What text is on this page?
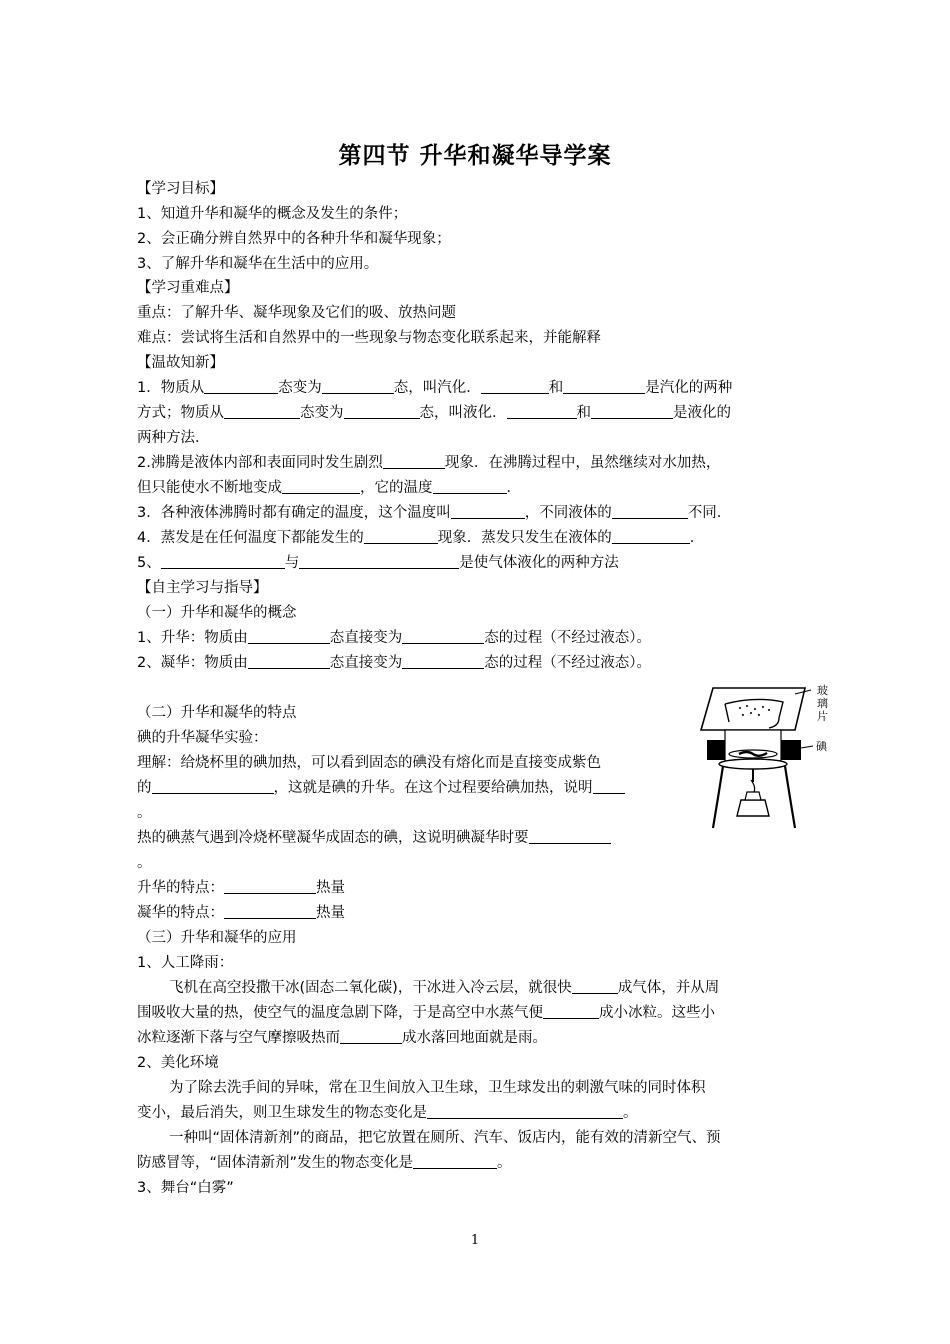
第四节 升华和凝华导学案
【学习目标】
1、知道升华和凝华的概念及发生的条件；
2、会正确分辨自然界中的各种升华和凝华现象；
3、了解升华和凝华在生活中的应用。
【学习重难点】
重点：了解升华、凝华现象及它们的吸、放热问题
难点：尝试将生活和自然界中的一些现象与物态变化联系起来，并能解释
【温故知新】
1．物质从	态变为	态，叫汽化．	和	是汽化的两种
方式；物质从	态变为	态，叫液化．	和	是液化的
两种方法．
2.沸腾是液体内部和表面同时发生剧烈	现象．在沸腾过程中，虽然继续对水加热，
但只能使水不断地变成	，它的温度	．
3．各种液体沸腾时都有确定的温度，这个温度叫	，不同液体的	不同．
4．蒸发是在任何温度下都能发生的	现象．蒸发只发生在液体的	．
5、	与	是使气体液化的两种方法
【自主学习与指导】
（一）升华和凝华的概念
1、升华：物质由	态直接变为	态的过程（不经过液态）。
2、凝华：物质由	态直接变为	态的过程（不经过液态）。
（二）升华和凝华的特点
碘的升华凝华实验：
理解：给烧杯里的碘加热，可以看到固态的碘没有熔化而是直接变成紫色
的	，这就是碘的升华。在这个过程要给碘加热，说明
。
热的碘蒸气遇到冷烧杯壁凝华成固态的碘，这说明碘凝华时要
。
升华的特点：	热量
凝华的特点：	热量
（三）升华和凝华的应用
1、人工降雨：
飞机在高空投撒干冰(固态二氧化碳)，干冰进入冷云层，就很快	成气体，并从周
围吸收大量的热，使空气的温度急剧下降，于是高空中水蒸气便	成小冰粒。这些小
冰粒逐渐下落与空气摩擦吸热而	成水落回地面就是雨。
2、美化环境
为了除去洗手间的异味，常在卫生间放入卫生球，卫生球发出的刺激气味的同时体积
变小，最后消失，则卫生球发生的物态变化是	。
一种叫“固体清新剂”的商品，把它放置在厕所、汽车、饭店内，能有效的清新空气、预
防感冒等，“固体清新剂”发生的物态变化是	。
3、舞台“白雾”
玻
璃
片
碘
1
